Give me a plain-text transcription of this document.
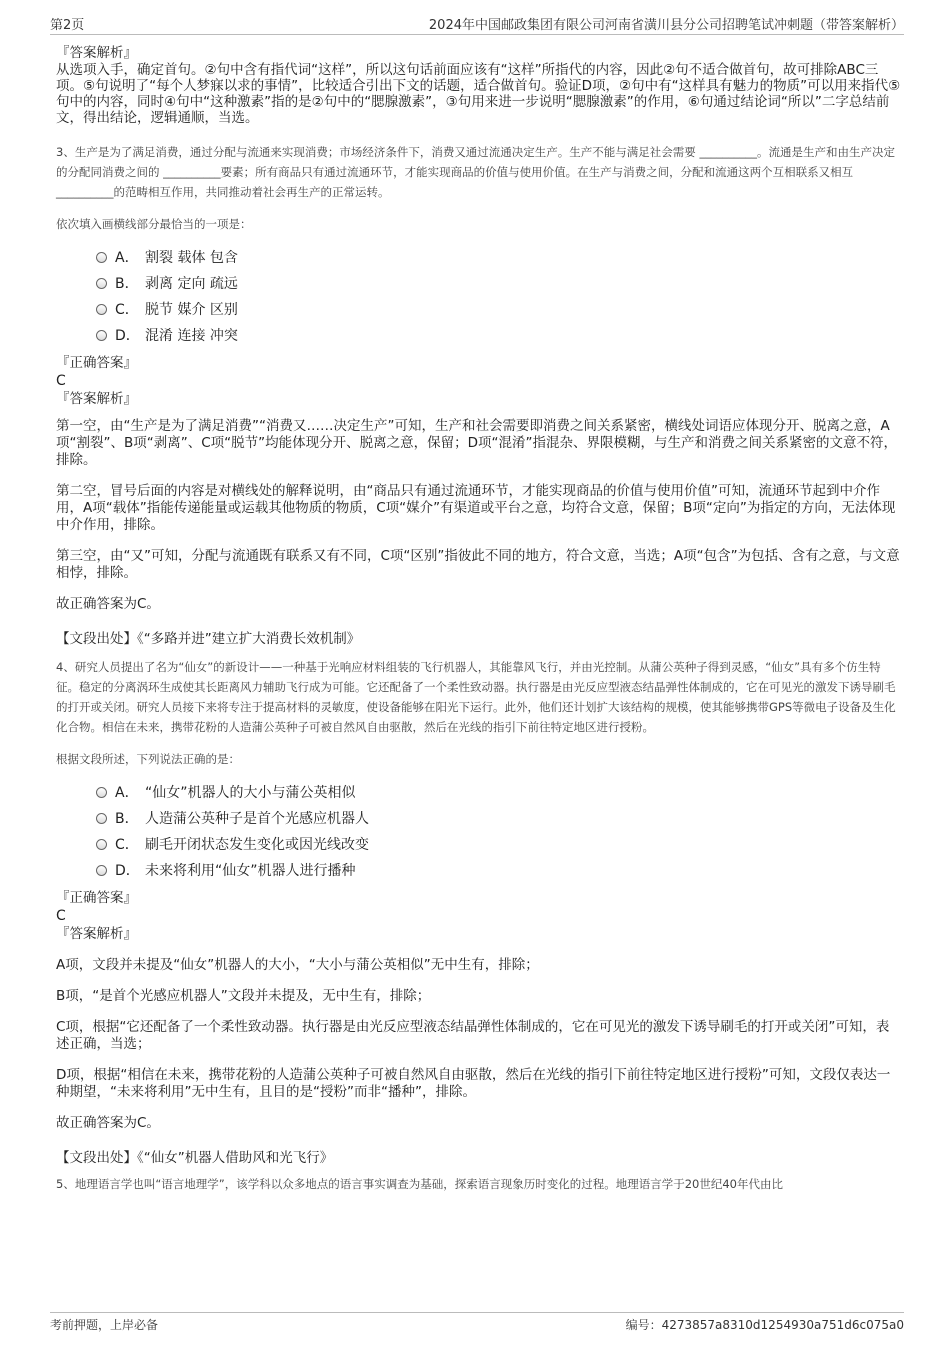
第2页	2024年中国邮政集团有限公司河南省潢川县分公司招聘笔试冲刺题（带答案解析）
『答案解析』

从选项入手，确定首句。②句中含有指代词“这样”，所以这句话前面应该有“这样”所指代的内容，因此②句不适合做首句，故可排除ABC三项。⑤句说明了“每个人梦寐以求的事情”，比较适合引出下文的话题，适合做首句。验证D项，②句中有“这样具有魅力的物质”可以用来指代⑤句中的内容，同时④句中“这种激素”指的是②句中的“腮腺激素”，③句用来进一步说明“腮腺激素”的作用，⑥句通过结论词“所以”二字总结前文，得出结论，逻辑通顺，当选。

3、生产是为了满足消费，通过分配与流通来实现消费；市场经济条件下，消费又通过流通决定生产。生产不能与满足社会需要 __________。流通是生产和由生产决定的分配同消费之间的 __________要素；所有商品只有通过流通环节，才能实现商品的价值与使用价值。在生产与消费之间，分配和流通这两个互相联系又相互 __________的范畴相互作用，共同推动着社会再生产的正常运转。

依次填入画横线部分最恰当的一项是：

A． 割裂 载体 包含
B． 剥离 定向 疏远
C． 脱节 媒介 区别
D． 混淆 连接 冲突
『正确答案』
C
『答案解析』

第一空，由“生产是为了满足消费”“消费又……决定生产”可知，生产和社会需要即消费之间关系紧密，横线处词语应体现分开、脱离之意，A项“割裂”、B项“剥离”、C项“脱节”均能体现分开、脱离之意，保留；D项“混淆”指混杂、界限模糊，与生产和消费之间关系紧密的文意不符，排除。

第二空，冒号后面的内容是对横线处的解释说明，由“商品只有通过流通环节，才能实现商品的价值与使用价值”可知，流通环节起到中介作用，A项“载体”指能传递能量或运载其他物质的物质，C项“媒介”有渠道或平台之意，均符合文意，保留；B项“定向”为指定的方向，无法体现中介作用，排除。

第三空，由“又”可知，分配与流通既有联系又有不同，C项“区别”指彼此不同的地方，符合文意，当选；A项“包含”为包括、含有之意，与文意相悖，排除。

故正确答案为C。

【文段出处】《“多路并进”建立扩大消费长效机制》

4、研究人员提出了名为“仙女”的新设计——一种基于光响应材料组装的飞行机器人，其能靠风飞行，并由光控制。从蒲公英种子得到灵感，“仙女”具有多个仿生特征。稳定的分离涡环生成使其长距离风力辅助飞行成为可能。它还配备了一个柔性致动器。执行器是由光反应型液态结晶弹性体制成的，它在可见光的激发下诱导刷毛的打开或关闭。研究人员接下来将专注于提高材料的灵敏度，使设备能够在阳光下运行。此外，他们还计划扩大该结构的规模，使其能够携带GPS等微电子设备及生化化合物。相信在未来，携带花粉的人造蒲公英种子可被自然风自由驱散，然后在光线的指引下前往特定地区进行授粉。

根据文段所述，下列说法正确的是：

A． “仙女”机器人的大小与蒲公英相似
B． 人造蒲公英种子是首个光感应机器人
C． 刷毛开闭状态发生变化或因光线改变
D． 未来将利用“仙女”机器人进行播种
『正确答案』
C
『答案解析』

A项，文段并未提及“仙女”机器人的大小，“大小与蒲公英相似”无中生有，排除；

B项，“是首个光感应机器人”文段并未提及，无中生有，排除；

C项，根据“它还配备了一个柔性致动器。执行器是由光反应型液态结晶弹性体制成的，它在可见光的激发下诱导刷毛的打开或关闭”可知，表述正确，当选；

D项，根据“相信在未来，携带花粉的人造蒲公英种子可被自然风自由驱散，然后在光线的指引下前往特定地区进行授粉”可知，文段仅表达一种期望，“未来将利用”无中生有，且目的是“授粉”而非“播种”，排除。

故正确答案为C。

【文段出处】《“仙女”机器人借助风和光飞行》

5、地理语言学也叫“语言地理学”，该学科以众多地点的语言事实调查为基础，探索语言现象历时变化的过程。地理语言学于20世纪40年代由比

考前押题，上岸必备	编号：4273857a8310d1254930a751d6c075a0
